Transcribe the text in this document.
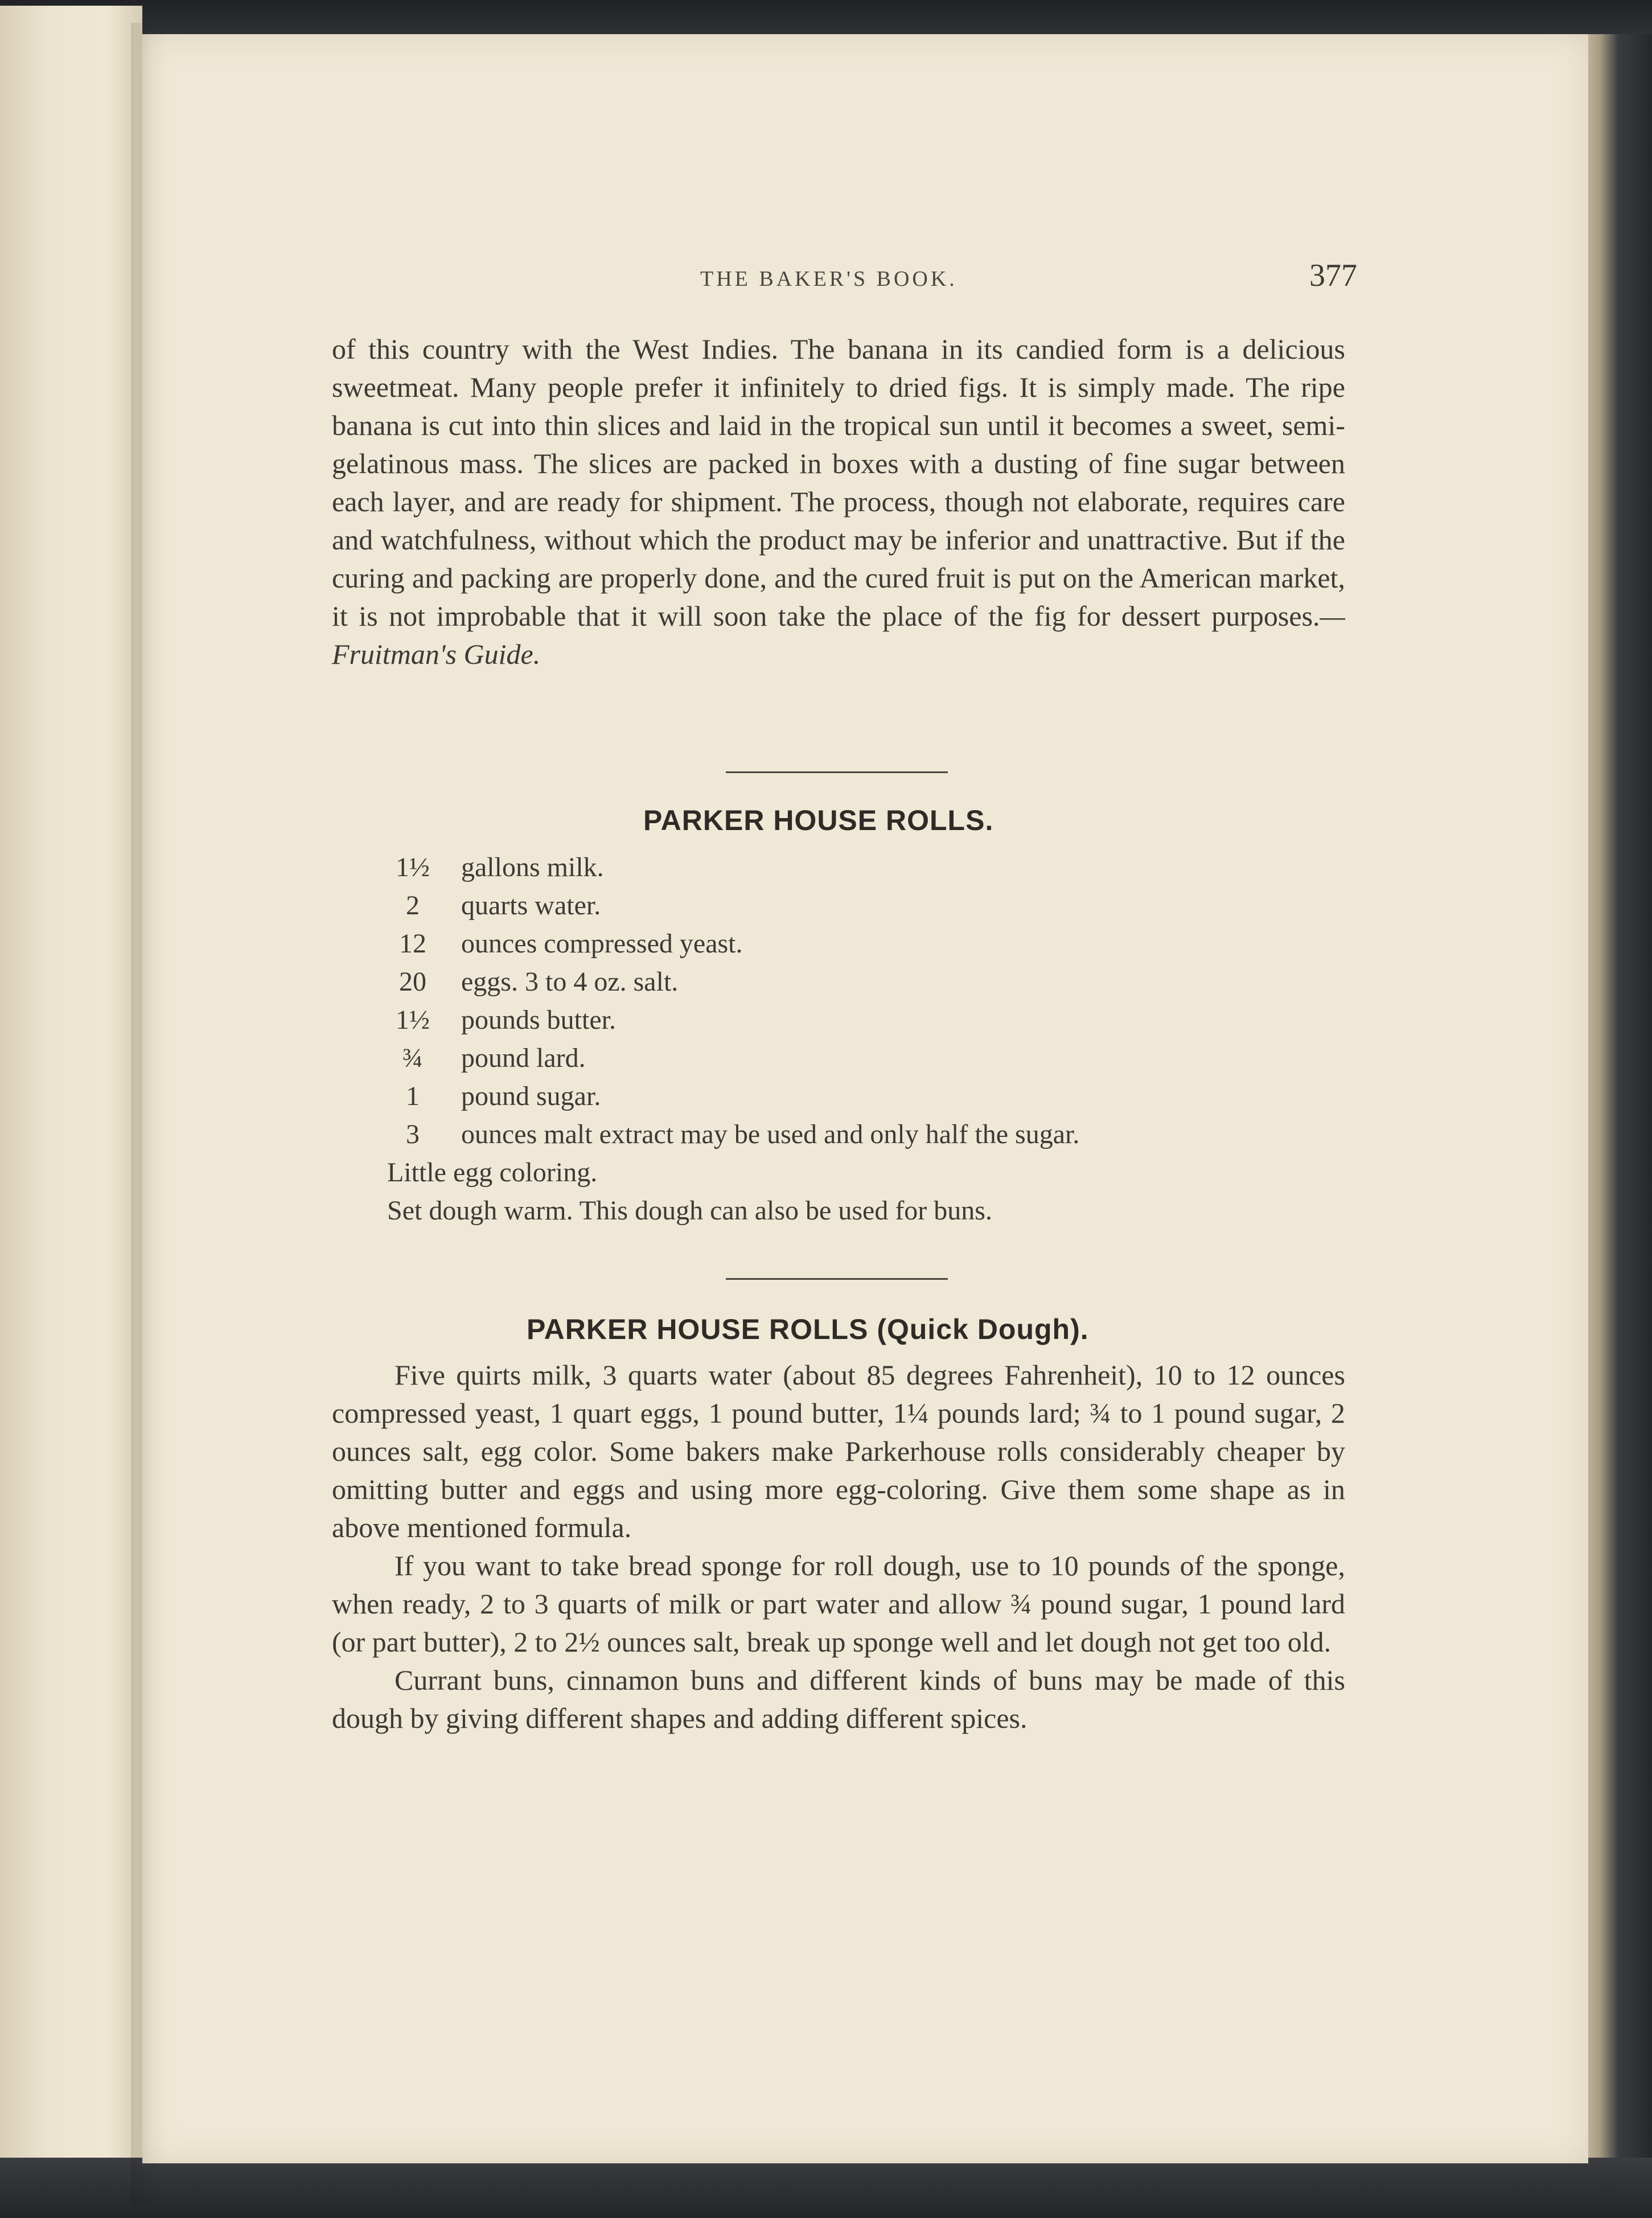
THE BAKER'S BOOK.	377

of this country with the West Indies. The banana in its candied form is a delicious sweetmeat. Many people prefer it infinitely to dried figs. It is simply made. The ripe banana is cut into thin slices and laid in the tropical sun until it becomes a sweet, semi-gelatinous mass. The slices are packed in boxes with a dusting of fine sugar between each layer, and are ready for shipment. The process, though not elaborate, requires care and watchfulness, without which the product may be inferior and unattractive. But if the curing and packing are properly done, and the cured fruit is put on the American market, it is not improbable that it will soon take the place of the fig for dessert purposes.—Fruitman's Guide.

PARKER HOUSE ROLLS.
1½	gallons milk.
2	quarts water.
12	ounces compressed yeast.
20	eggs. 3 to 4 oz. salt.
1½	pounds butter.
¾	pound lard.
1	pound sugar.
3	ounces malt extract may be used and only half the sugar.
Little egg coloring.
Set dough warm. This dough can also be used for buns.
PARKER HOUSE ROLLS (Quick Dough).

Five quirts milk, 3 quarts water (about 85 degrees Fahrenheit), 10 to 12 ounces compressed yeast, 1 quart eggs, 1 pound butter, 1¼ pounds lard; ¾ to 1 pound sugar, 2 ounces salt, egg color. Some bakers make Parkerhouse rolls considerably cheaper by omitting butter and eggs and using more egg-coloring. Give them some shape as in above mentioned formula.

If you want to take bread sponge for roll dough, use to 10 pounds of the sponge, when ready, 2 to 3 quarts of milk or part water and allow ¾ pound sugar, 1 pound lard (or part butter), 2 to 2½ ounces salt, break up sponge well and let dough not get too old.

Currant buns, cinnamon buns and different kinds of buns may be made of this dough by giving different shapes and adding different spices.
